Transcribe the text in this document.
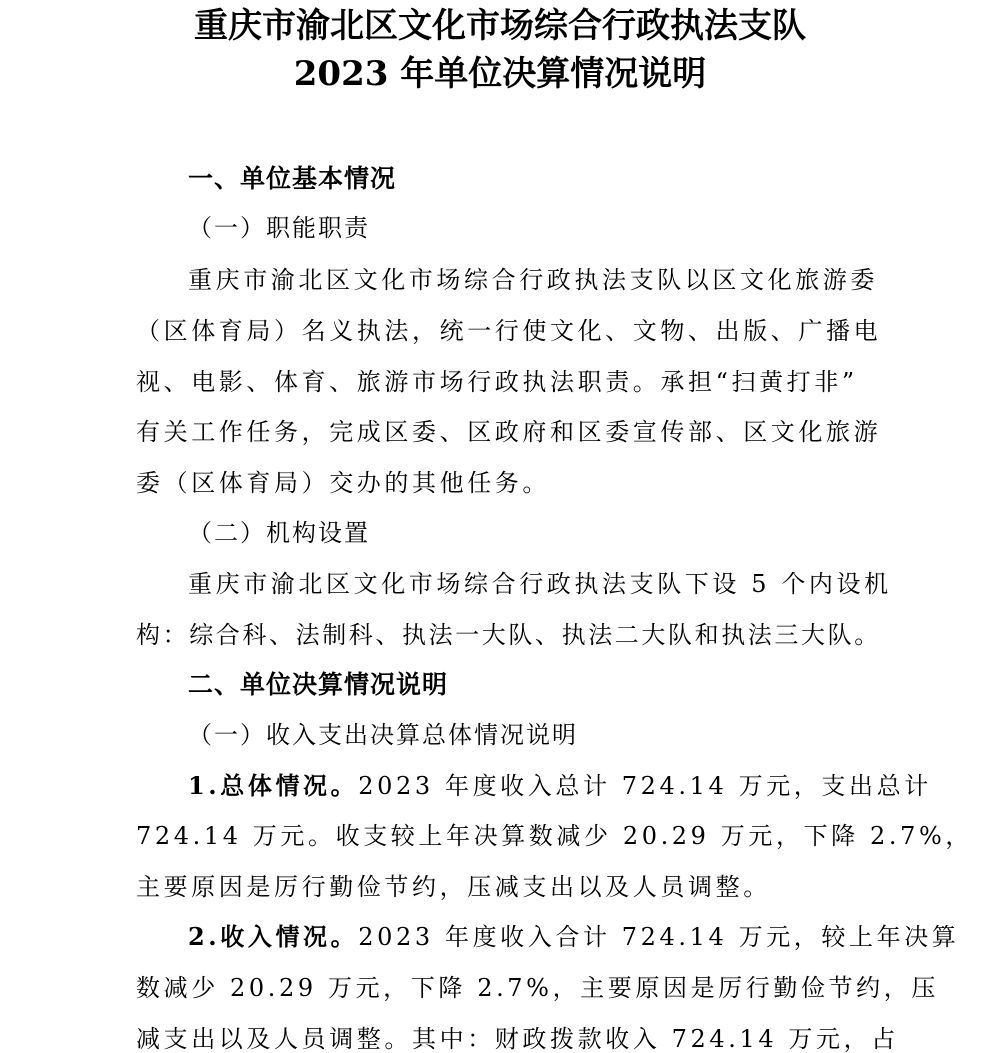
重庆市渝北区文化市场综合行政执法支队
2023 年单位决算情况说明
一、单位基本情况
（一）职能职责
重庆市渝北区文化市场综合行政执法支队以区文化旅游委
（区体育局）名义执法，统一行使文化、文物、出版、广播电
视、电影、体育、旅游市场行政执法职责。承担“扫黄打非”
有关工作任务，完成区委、区政府和区委宣传部、区文化旅游
委（区体育局）交办的其他任务。
（二）机构设置
重庆市渝北区文化市场综合行政执法支队下设 5 个内设机
构：综合科、法制科、执法一大队、执法二大队和执法三大队。
二、单位决算情况说明
（一）收入支出决算总体情况说明
1.总体情况。2023 年度收入总计 724.14 万元，支出总计
724.14 万元。收支较上年决算数减少 20.29 万元，下降 2.7%，
主要原因是厉行勤俭节约，压减支出以及人员调整。
2.收入情况。2023 年度收入合计 724.14 万元，较上年决算
数减少 20.29 万元，下降 2.7%，主要原因是厉行勤俭节约，压
减支出以及人员调整。其中：财政拨款收入 724.14 万元，占
